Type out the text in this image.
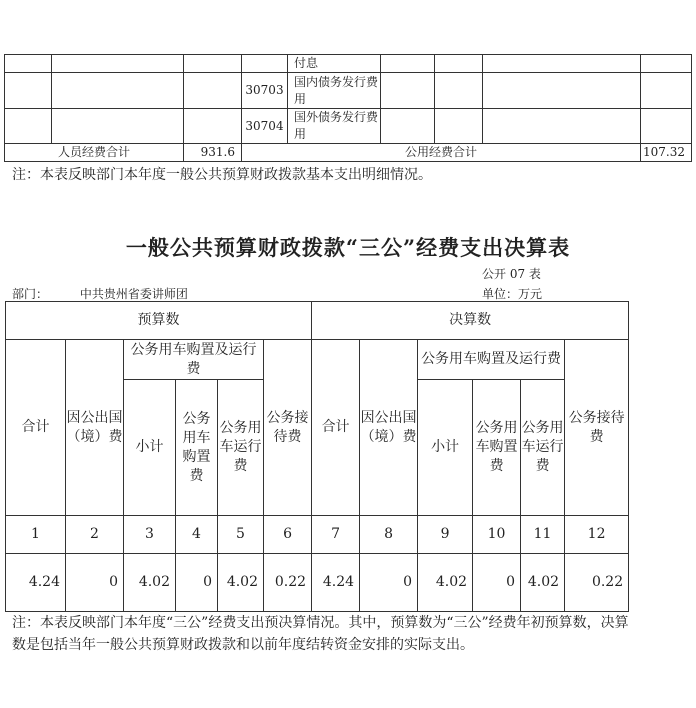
				付息				
			30703	国内债务发行费用				
			30704	国外债务发行费用				
人员经费合计		931.6	公用经费合计					107.32
注：本表反映部门本年度一般公共预算财政拨款基本支出明细情况。
一般公共预算财政拨款“三公”经费支出决算表
公开 07 表
部门：	中共贵州省委讲师团	单位：万元
预算数						决算数					
合计	因公出国（境）费	公务用车购置及运行费			公务接待费	合计	因公出国（境）费	公务用车购置及运行费			公务接待费
		小计	公务用车购置费	公务用车运行费				小计	公务用车购置费	公务用车运行费	
1	2	3	4	5	6	7	8	9	10	11	12
4.24	0	4.02	0	4.02	0.22	4.24	0	4.02	0	4.02	0.22
注：本表反映部门本年度“三公”经费支出预决算情况。其中，预算数为“三公”经费年初预算数，决算数是包括当年一般公共预算财政拨款和以前年度结转资金安排的实际支出。
